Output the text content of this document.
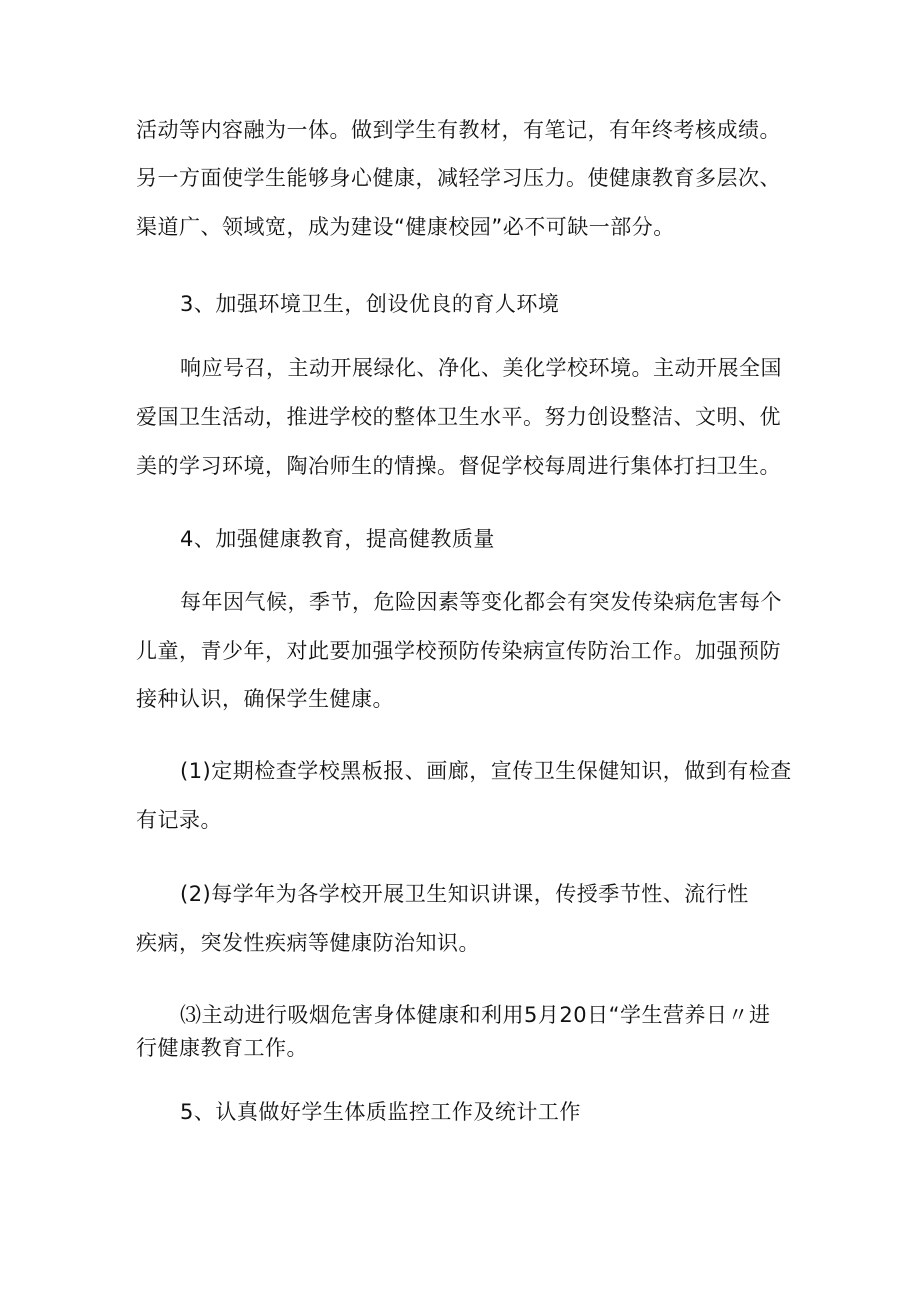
活动等内容融为一体。做到学生有教材，有笔记，有年终考核成绩。
另一方面使学生能够身心健康，减轻学习压力。使健康教育多层次、
渠道广、领域宽，成为建设“健康校园”必不可缺一部分。
3、加强环境卫生，创设优良的育人环境
响应号召，主动开展绿化、净化、美化学校环境。主动开展全国
爱国卫生活动，推进学校的整体卫生水平。努力创设整洁、文明、优
美的学习环境，陶冶师生的情操。督促学校每周进行集体打扫卫生。
4、加强健康教育，提高健教质量
每年因气候，季节，危险因素等变化都会有突发传染病危害每个
儿童，青少年，对此要加强学校预防传染病宣传防治工作。加强预防
接种认识，确保学生健康。
(1)定期检查学校黑板报、画廊，宣传卫生保健知识，做到有检查
有记录。
(2)每学年为各学校开展卫生知识讲课，传授季节性、流行性
疾病，突发性疾病等健康防治知识。
⑶主动进行吸烟危害身体健康和利用5月20日“学生营养日〃进
行健康教育工作。
5、认真做好学生体质监控工作及统计工作
